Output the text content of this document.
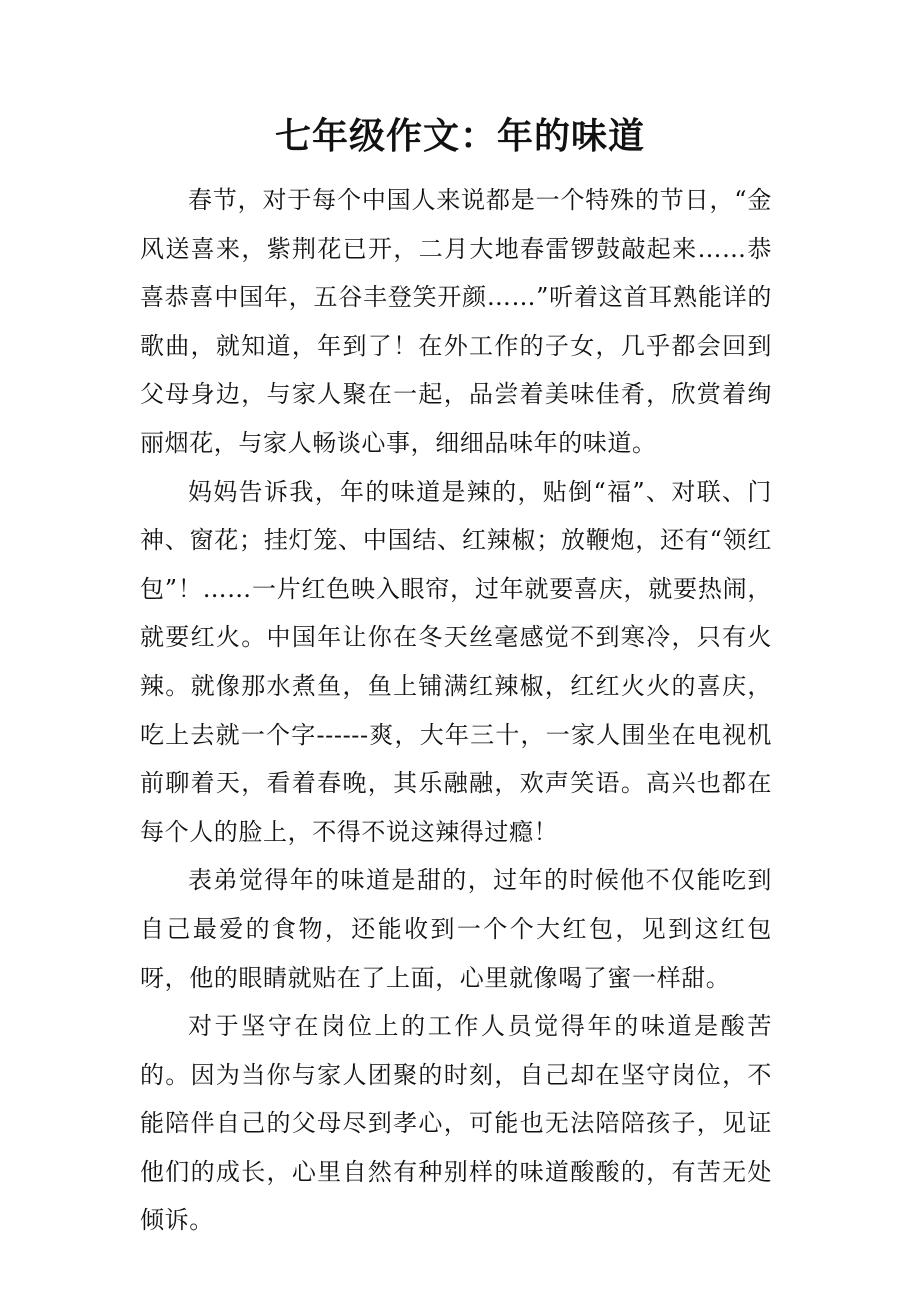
七年级作文：年的味道

春节，对于每个中国人来说都是一个特殊的节日，“金风送喜来，紫荆花已开，二月大地春雷锣鼓敲起来……恭喜恭喜中国年，五谷丰登笑开颜……”听着这首耳熟能详的歌曲，就知道，年到了！在外工作的子女，几乎都会回到父母身边，与家人聚在一起，品尝着美味佳肴，欣赏着绚丽烟花，与家人畅谈心事，细细品味年的味道。

妈妈告诉我，年的味道是辣的，贴倒“福”、对联、门神、窗花；挂灯笼、中国结、红辣椒；放鞭炮，还有“领红包”！……一片红色映入眼帘，过年就要喜庆，就要热闹，就要红火。中国年让你在冬天丝毫感觉不到寒冷，只有火辣。就像那水煮鱼，鱼上铺满红辣椒，红红火火的喜庆，吃上去就一个字------爽，大年三十，一家人围坐在电视机前聊着天，看着春晚，其乐融融，欢声笑语。高兴也都在每个人的脸上，不得不说这辣得过瘾！

表弟觉得年的味道是甜的，过年的时候他不仅能吃到自己最爱的食物，还能收到一个个大红包，见到这红包呀，他的眼睛就贴在了上面，心里就像喝了蜜一样甜。

对于坚守在岗位上的工作人员觉得年的味道是酸苦的。因为当你与家人团聚的时刻，自己却在坚守岗位，不能陪伴自己的父母尽到孝心，可能也无法陪陪孩子，见证他们的成长，心里自然有种别样的味道酸酸的，有苦无处倾诉。
